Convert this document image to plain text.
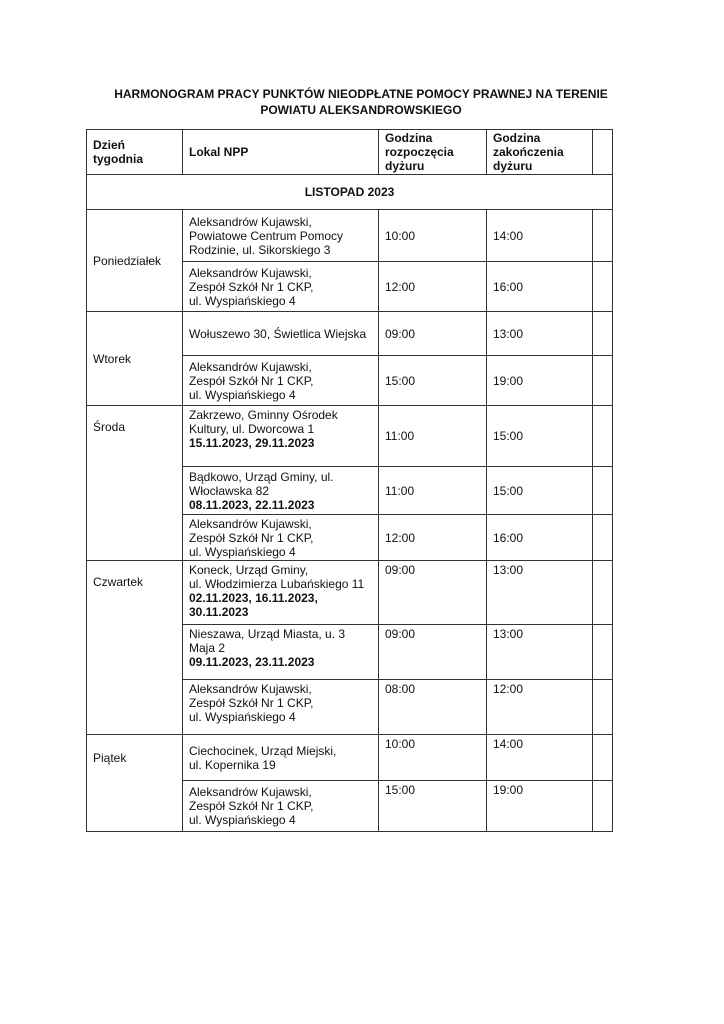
HARMONOGRAM PRACY PUNKTÓW NIEODPŁATNE POMOCY PRAWNEJ NA TERENIE
POWIATU ALEKSANDROWSKIEGO
Dzień
tygodnia	Lokal NPP	Godzina
rozpoczęcia
dyżuru	Godzina
zakończenia
dyżuru	

LISTOPAD 2023				
Poniedziałek	Aleksandrów Kujawski,
Powiatowe Centrum Pomocy
Rodzinie, ul. Sikorskiego 3	10:00	14:00	

	Aleksandrów Kujawski,
Zespół Szkół Nr 1 CKP,
ul. Wyspiańskiego 4	12:00	16:00	
Wtorek	Wołuszewo 30, Świetlica Wiejska	09:00	13:00	

	Aleksandrów Kujawski,
Zespół Szkół Nr 1 CKP,
ul. Wyspiańskiego 4	15:00	19:00	

Środa	Zakrzewo, Gminny Ośrodek
Kultury, ul. Dworcowa 1
15.11.2023, 29.11.2023	11:00	15:00	

	Bądkowo, Urząd Gminy, ul.
Włocławska 82
08.11.2023, 22.11.2023	11:00	15:00	

	Aleksandrów Kujawski,
Zespół Szkół Nr 1 CKP,
ul. Wyspiańskiego 4	12:00	16:00	

Czwartek	Koneck, Urząd Gminy,
ul. Włodzimierza Lubańskiego 11
02.11.2023, 16.11.2023,
30.11.2023	09:00	13:00	

	Nieszawa, Urząd Miasta, u. 3
Maja 2
09.11.2023, 23.11.2023	09:00	13:00	

	Aleksandrów Kujawski,
Zespół Szkół Nr 1 CKP,
ul. Wyspiańskiego 4	08:00	12:00	

Piątek	Ciechocinek, Urząd Miejski,
ul. Kopernika 19	10:00	14:00	

	Aleksandrów Kujawski,
Zespół Szkół Nr 1 CKP,
ul. Wyspiańskiego 4	15:00	19:00	
